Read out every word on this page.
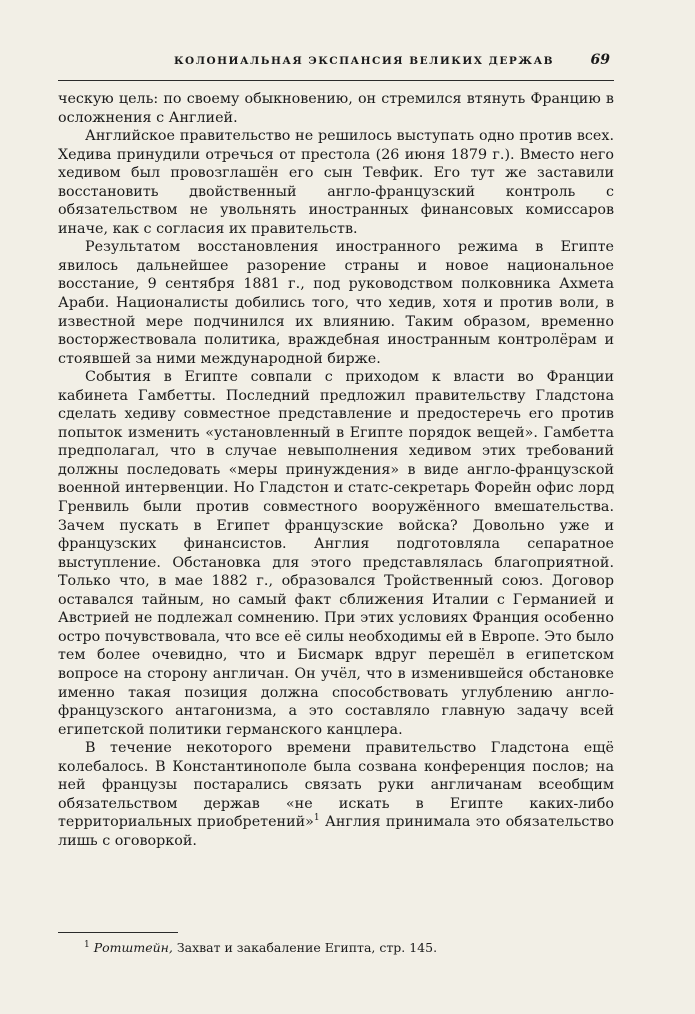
КОЛОНИАЛЬНАЯ ЭКСПАНСИЯ ВЕЛИКИХ ДЕРЖАВ	69

ческую цель: по своему обыкновению, он стремился втянуть Францию в осложнения с Англией.

Английское правительство не решилось выступать одно против всех. Хедива принудили отречься от престола (26 июня 1879 г.). Вместо него хедивом был провозглашён его сын Тевфик. Его тут же заставили восстановить двойственный англо-французский контроль с обязательством не увольнять иностранных финансовых комиссаров иначе, как с согласия их правительств.

Результатом восстановления иностранного режима в Египте явилось дальнейшее разорение страны и новое национальное восстание, 9 сентября 1881 г., под руководством полковника Ахмета Араби. Националисты добились того, что хедив, хотя и против воли, в известной мере подчинился их влиянию. Таким образом, временно восторжествовала политика, враждебная иностранным контролёрам и стоявшей за ними международной бирже.

События в Египте совпали с приходом к власти во Франции кабинета Гамбетты. Последний предложил правительству Гладстона сделать хедиву совместное представление и предостеречь его против попыток изменить «установленный в Египте порядок вещей». Гамбетта предполагал, что в случае невыполнения хедивом этих требований должны последовать «меры принуждения» в виде англо-французской военной интервенции. Но Гладстон и статс-секретарь Форейн офис лорд Гренвиль были против совместного вооружённого вмешательства. Зачем пускать в Египет французские войска? Довольно уже и французских финансистов. Англия подготовляла сепаратное выступление. Обстановка для этого представлялась благоприятной. Только что, в мае 1882 г., образовался Тройственный союз. Договор оставался тайным, но самый факт сближения Италии с Германией и Австрией не подлежал сомнению. При этих условиях Франция особенно остро почувствовала, что все её силы необходимы ей в Европе. Это было тем более очевидно, что и Бисмарк вдруг перешёл в египетском вопросе на сторону англичан. Он учёл, что в изменившейся обстановке именно такая позиция должна способствовать углублению англо-французского антагонизма, а это составляло главную задачу всей египетской политики германского канцлера.

В течение некоторого времени правительство Гладстона ещё колебалось. В Константинополе была созвана конференция послов; на ней французы постарались связать руки англичанам всеобщим обязательством держав «не искать в Египте каких-либо территориальных приобретений»$^1$ Англия принимала это обязательство лишь с оговоркой.

$^1$ Ротштейн, Захват и закабаление Египта, стр. 145.
